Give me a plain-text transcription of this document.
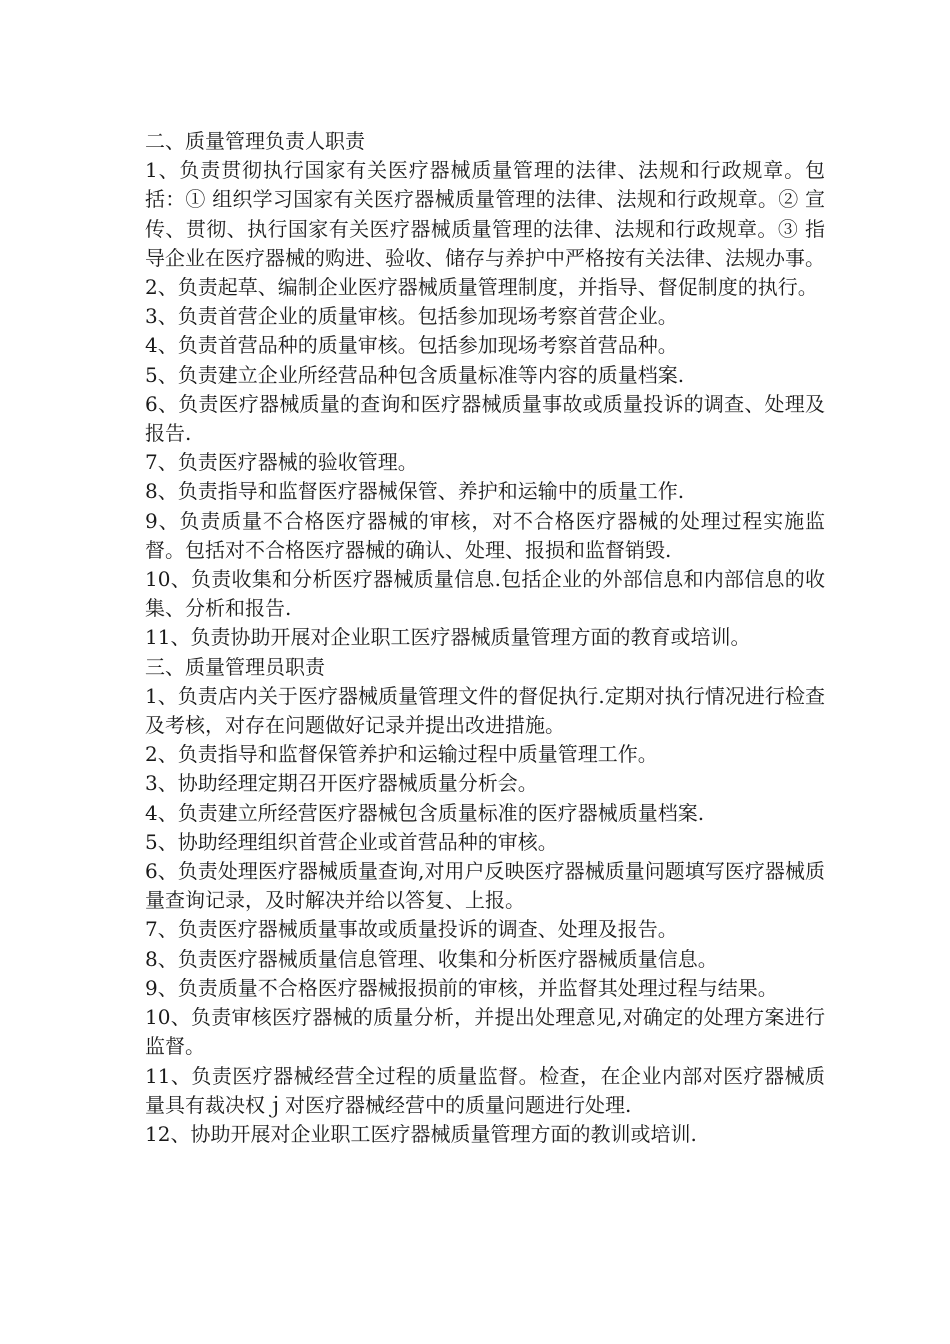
二、质量管理负责人职责

1、负责贯彻执行国家有关医疗器械质量管理的法律、法规和行政规章。包括：① 组织学习国家有关医疗器械质量管理的法律、法规和行政规章。② 宣传、贯彻、执行国家有关医疗器械质量管理的法律、法规和行政规章。③ 指导企业在医疗器械的购进、验收、储存与养护中严格按有关法律、法规办事。

2、负责起草、编制企业医疗器械质量管理制度，并指导、督促制度的执行。

3、负责首营企业的质量审核。包括参加现场考察首营企业。

4、负责首营品种的质量审核。包括参加现场考察首营品种。

5、负责建立企业所经营品种包含质量标准等内容的质量档案.

6、负责医疗器械质量的查询和医疗器械质量事故或质量投诉的调查、处理及报告.

7、负责医疗器械的验收管理。

8、负责指导和监督医疗器械保管、养护和运输中的质量工作.

9、负责质量不合格医疗器械的审核，对不合格医疗器械的处理过程实施监督。包括对不合格医疗器械的确认、处理、报损和监督销毁.

10、负责收集和分析医疗器械质量信息.包括企业的外部信息和内部信息的收集、分析和报告.

11、负责协助开展对企业职工医疗器械质量管理方面的教育或培训。

三、质量管理员职责

1、负责店内关于医疗器械质量管理文件的督促执行.定期对执行情况进行检查及考核，对存在问题做好记录并提出改进措施。

2、负责指导和监督保管养护和运输过程中质量管理工作。

3、协助经理定期召开医疗器械质量分析会。

4、负责建立所经营医疗器械包含质量标准的医疗器械质量档案.

5、协助经理组织首营企业或首营品种的审核。

6、负责处理医疗器械质量查询,对用户反映医疗器械质量问题填写医疗器械质量查询记录，及时解决并给以答复、上报。

7、负责医疗器械质量事故或质量投诉的调查、处理及报告。

8、负责医疗器械质量信息管理、收集和分析医疗器械质量信息。

9、负责质量不合格医疗器械报损前的审核，并监督其处理过程与结果。

10、负责审核医疗器械的质量分析，并提出处理意见,对确定的处理方案进行监督。

11、负责医疗器械经营全过程的质量监督。检查，在企业内部对医疗器械质量具有裁决权ｊ对医疗器械经营中的质量问题进行处理.

12、协助开展对企业职工医疗器械质量管理方面的教训或培训.
